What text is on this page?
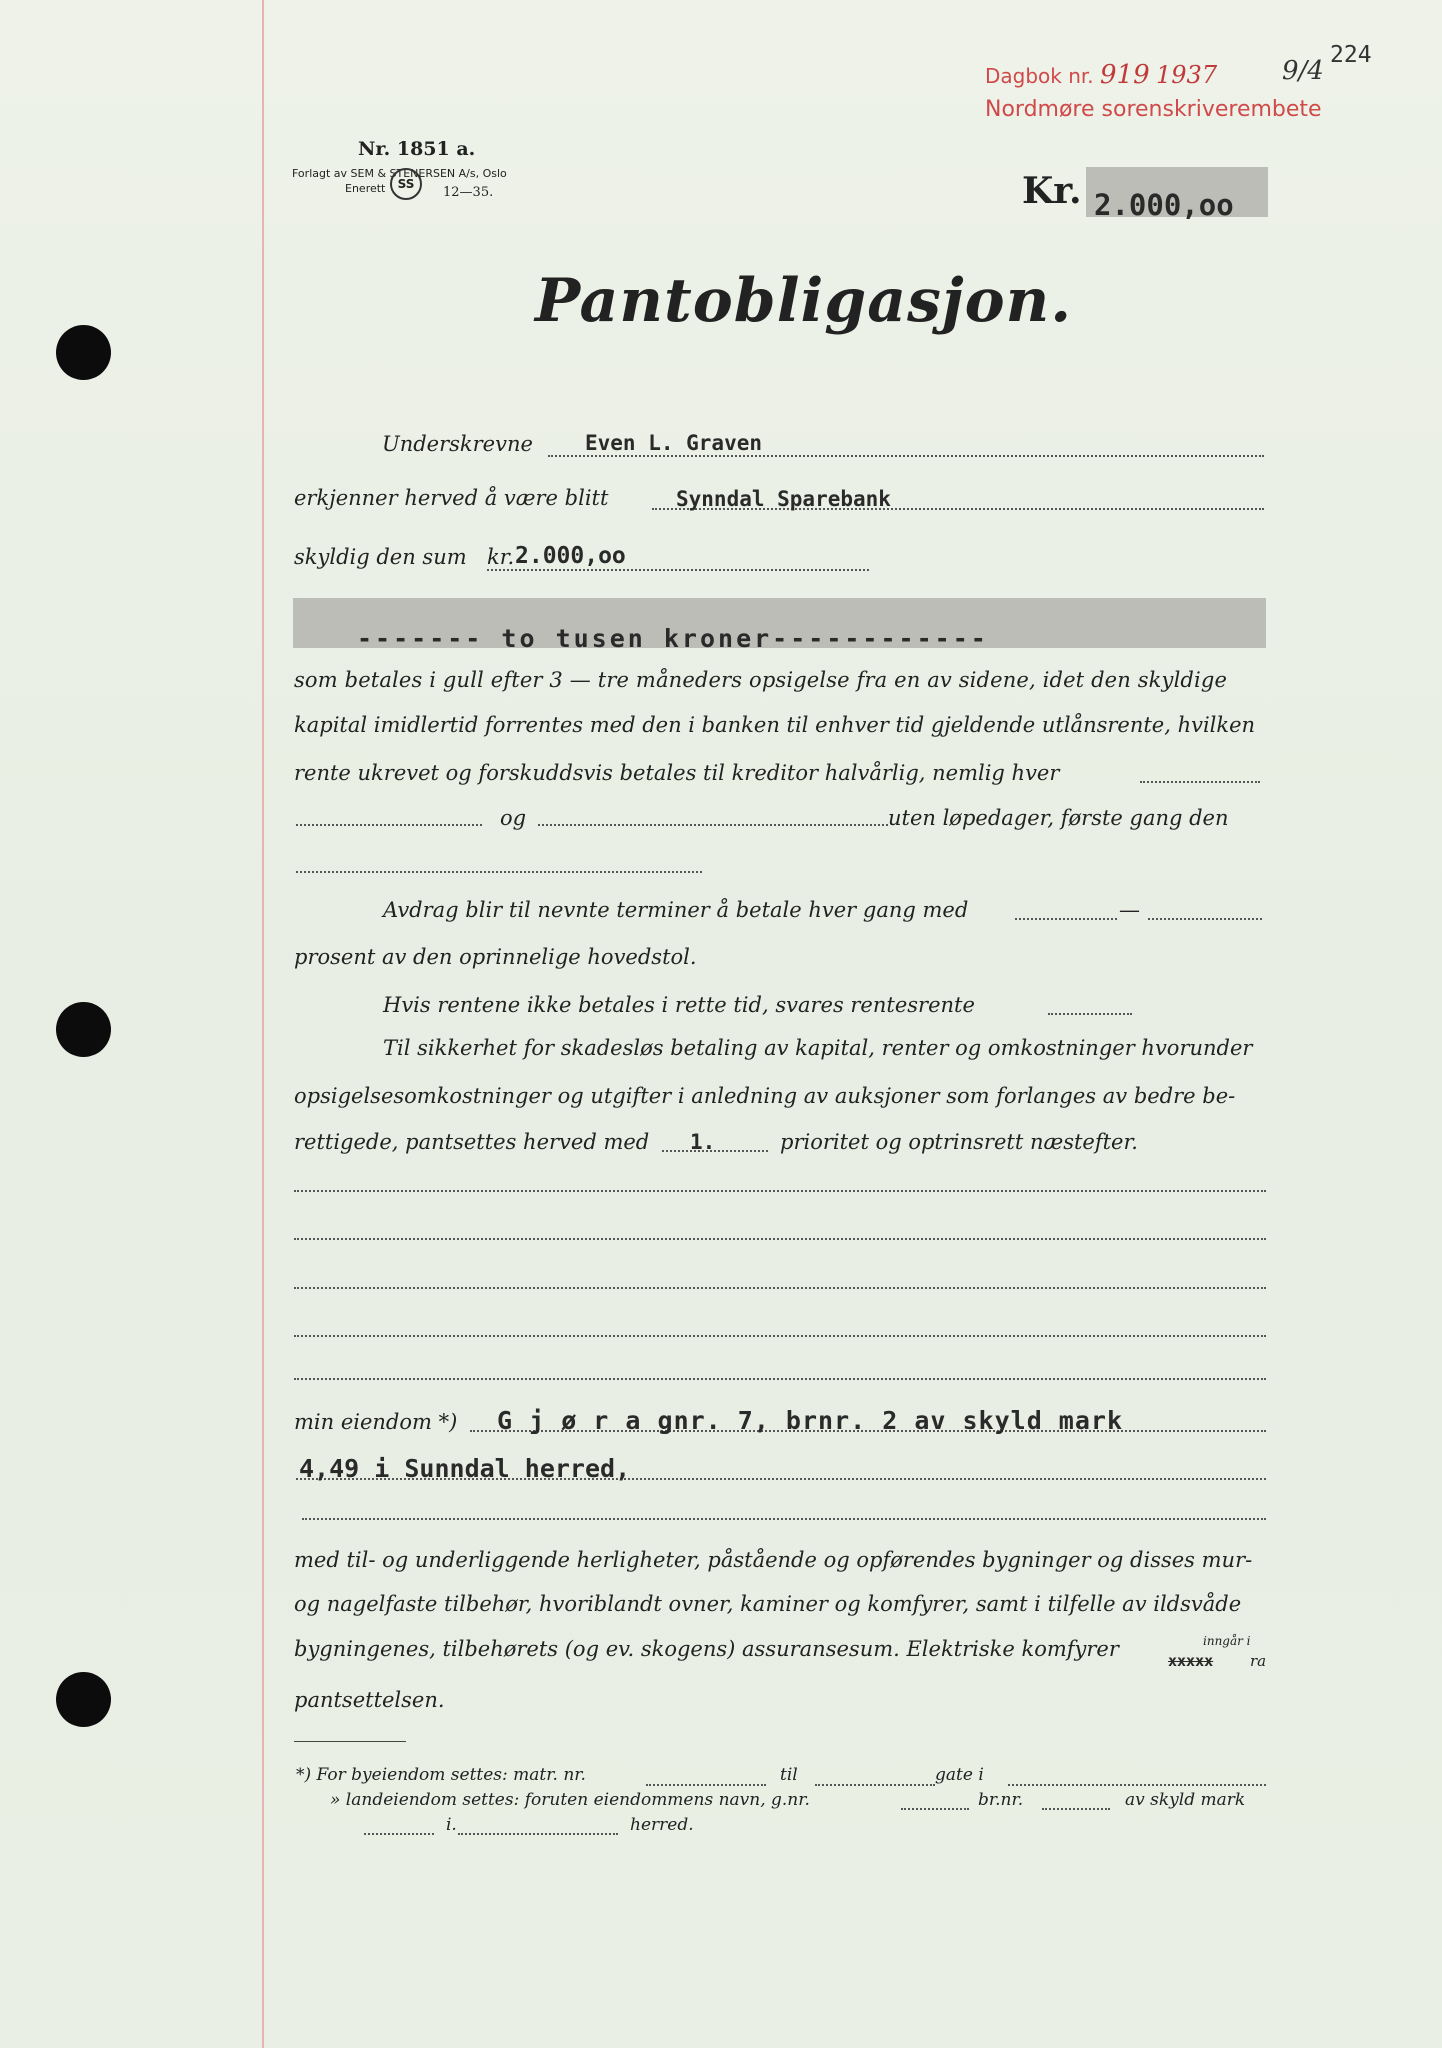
Dagbok nr. 919 1937 9/4
224
Nordmøre sorenskriverembete
Nr. 1851 a.
Forlagt av SEM & STENERSEN A/s, Oslo
Enerett	SS
12—35.	Kr. 2.000,oo
Pantobligasjon.
Underskrevne Even L. Graven
erkjenner herved å være blitt	Synndal Sparebank
skyldig den sum kr. 2.000,oo
------- to tusen kroner------------
som betales i gull efter 3 — tre måneders opsigelse fra en av sidene, idet den skyldige
kapital imidlertid forrentes med den i banken til enhver tid gjeldende utlånsrente, hvilken
rente ukrevet og forskuddsvis betales til kreditor halvårlig, nemlig hver
og	uten løpedager, første gang den
Avdrag blir til nevnte terminer å betale hver gang med	—
prosent av den oprinnelige hovedstol.
Hvis rentene ikke betales i rette tid, svares rentesrente
Til sikkerhet for skadesløs betaling av kapital, renter og omkostninger hvorunder
opsigelsesomkostninger og utgifter i anledning av auksjoner som forlanges av bedre be-
rettigede, pantsettes herved med 1.	prioritet og optrinsrett næstefter.
min eiendom *) G j ø r a gnr. 7, brnr. 2 av skyld mark
4,49 i Sunndal herred,
med til- og underliggende herligheter, påstående og opførendes bygninger og disses mur-
og nagelfaste tilbehør, hvoriblandt ovner, kaminer og komfyrer, samt i tilfelle av ildsvåde
bygningenes, tilbehørets (og ev. skogens) assuransesum. Elektriske komfyrer	inngår i
xxxxx ra
pantsettelsen.
*) For byeiendom settes: matr. nr.	til	gate i
» landeiendom settes: foruten eiendommens navn, g.nr.	br.nr.	av skyld mark
i.	herred.
